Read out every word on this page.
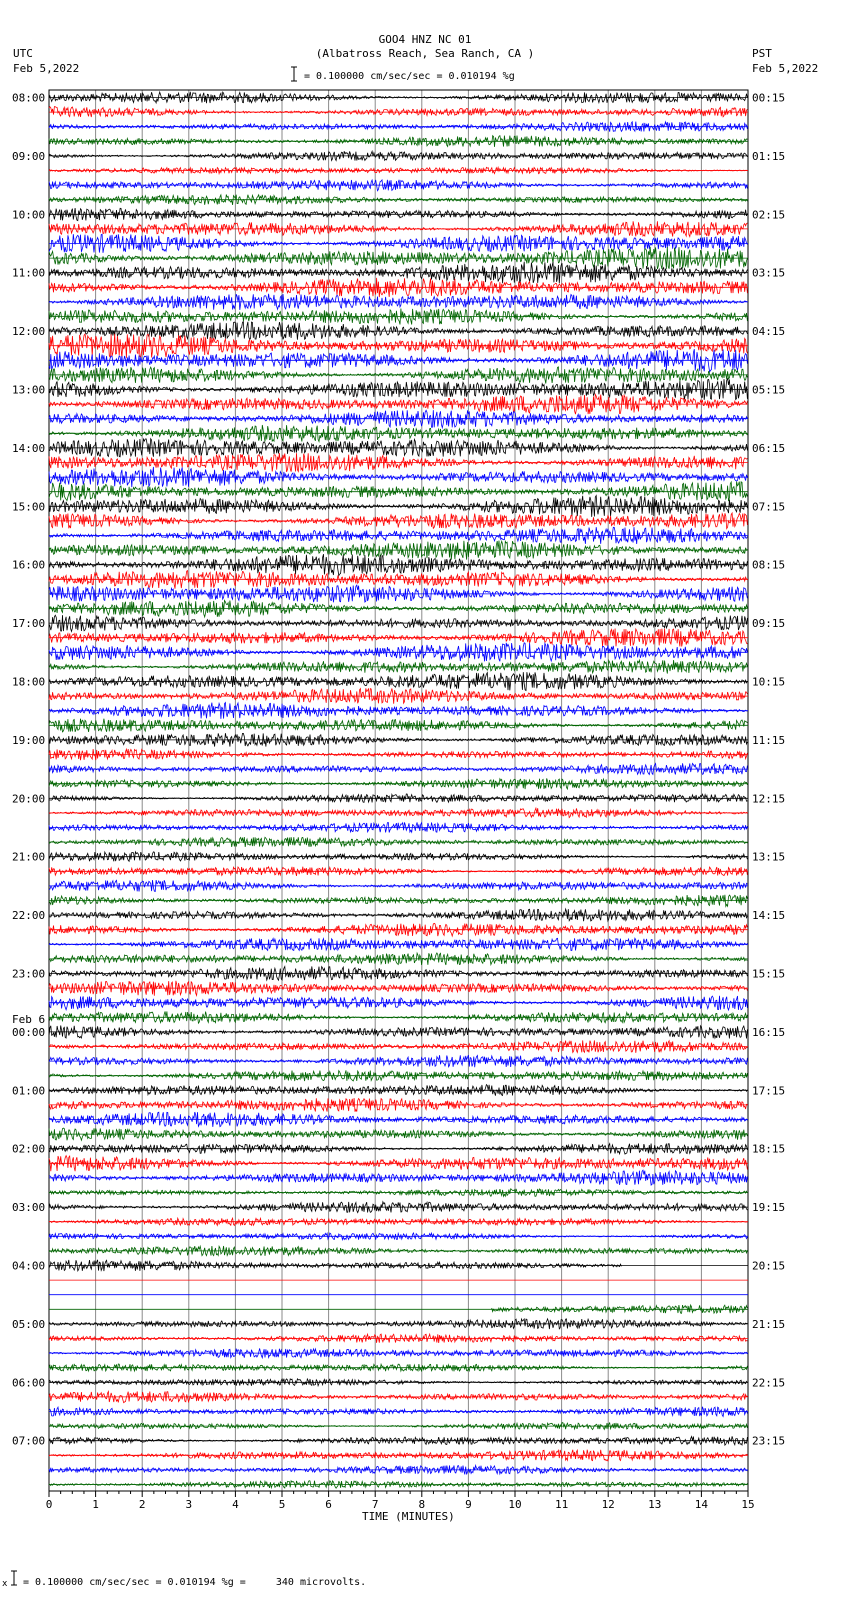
GOO4 HNZ NC 01
(Albatross Reach, Sea Ranch, CA )
UTC
Feb 5,2022
PST
Feb 5,2022
= 0.100000 cm/sec/sec = 0.010194 %g
0	1	2	3	4	5	6	7	8	9	10	11	12	13	14	15
08:00
09:00
10:00
11:00
12:00
13:00
14:00
15:00
16:00
17:00
18:00
19:00
20:00
21:00
22:00
23:00
00:00
Feb 6
01:00
02:00
03:00
04:00
05:00
06:00
07:00
00:15
01:15
02:15
03:15
04:15
05:15
06:15
07:15
08:15
09:15
10:15
11:15
12:15
13:15
14:15
15:15
16:15
17:15
18:15
19:15
20:15
21:15
22:15
23:15
TIME (MINUTES)
x = 0.100000 cm/sec/sec = 0.010194 %g =     340 microvolts.
